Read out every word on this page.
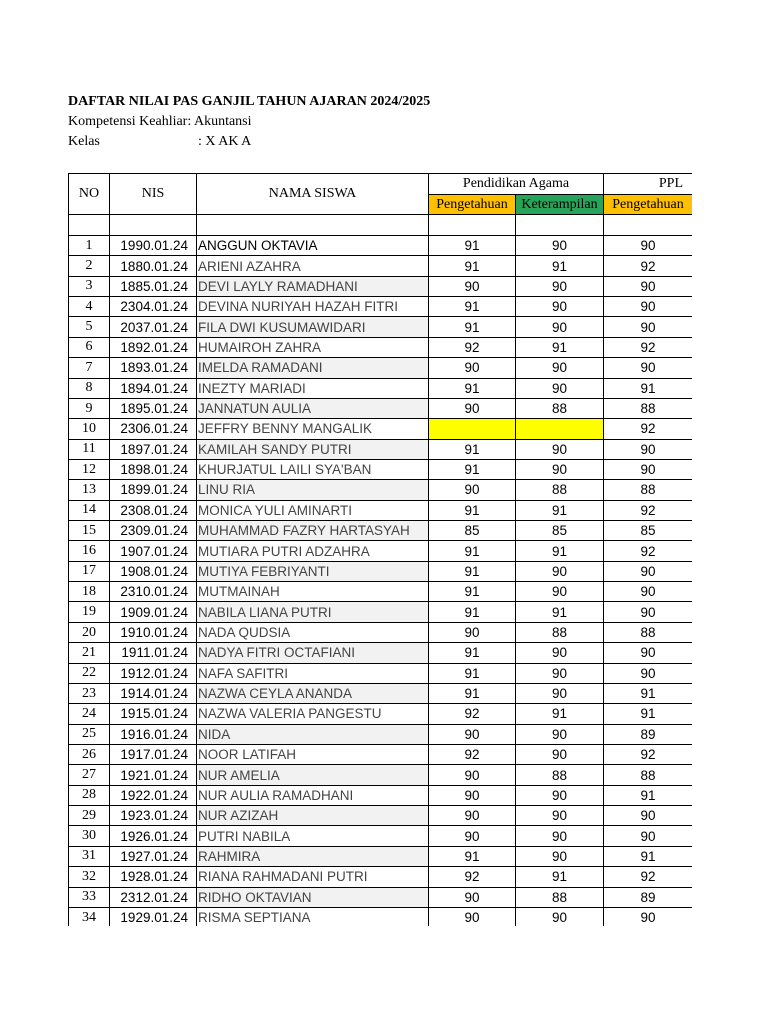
DAFTAR NILAI PAS GANJIL TAHUN AJARAN 2024/2025
Kompetensi Keahliar: Akuntansi
Kelas	: X AK A
NO	NIS	NAMA SISWA	Pendidikan Agama		PPL	
			Pengetahuan	Keterampilan	Pengetahuan	

1	1990.01.24	ANGGUN OKTAVIA	91	90	90	
2	1880.01.24	ARIENI AZAHRA	91	91	92	
3	1885.01.24	DEVI LAYLY RAMADHANI	90	90	90	
4	2304.01.24	DEVINA NURIYAH HAZAH FITRI	91	90	90	
5	2037.01.24	FILA DWI KUSUMAWIDARI	91	90	90	
6	1892.01.24	HUMAIROH ZAHRA	92	91	92	
7	1893.01.24	IMELDA RAMADANI	90	90	90	
8	1894.01.24	INEZTY MARIADI	91	90	91	
9	1895.01.24	JANNATUN AULIA	90	88	88	
10	2306.01.24	JEFFRY BENNY MANGALIK			92	
11	1897.01.24	KAMILAH SANDY PUTRI	91	90	90	
12	1898.01.24	KHURJATUL LAILI SYA'BAN	91	90	90	
13	1899.01.24	LINU RIA	90	88	88	
14	2308.01.24	MONICA YULI AMINARTI	91	91	92	
15	2309.01.24	MUHAMMAD FAZRY HARTASYAH	85	85	85	
16	1907.01.24	MUTIARA PUTRI ADZAHRA	91	91	92	
17	1908.01.24	MUTIYA FEBRIYANTI	91	90	90	
18	2310.01.24	MUTMAINAH	91	90	90	
19	1909.01.24	NABILA LIANA PUTRI	91	91	90	
20	1910.01.24	NADA QUDSIA	90	88	88	
21	1911.01.24	NADYA FITRI OCTAFIANI	91	90	90	
22	1912.01.24	NAFA SAFITRI	91	90	90	
23	1914.01.24	NAZWA CEYLA ANANDA	91	90	91	
24	1915.01.24	NAZWA VALERIA PANGESTU	92	91	91	
25	1916.01.24	NIDA	90	90	89	
26	1917.01.24	NOOR LATIFAH	92	90	92	
27	1921.01.24	NUR AMELIA	90	88	88	
28	1922.01.24	NUR AULIA RAMADHANI	90	90	91	
29	1923.01.24	NUR AZIZAH	90	90	90	
30	1926.01.24	PUTRI NABILA	90	90	90	
31	1927.01.24	RAHMIRA	91	90	91	
32	1928.01.24	RIANA RAHMADANI PUTRI	92	91	92	
33	2312.01.24	RIDHO OKTAVIAN	90	88	89	
34	1929.01.24	RISMA SEPTIANA	90	90	90	
